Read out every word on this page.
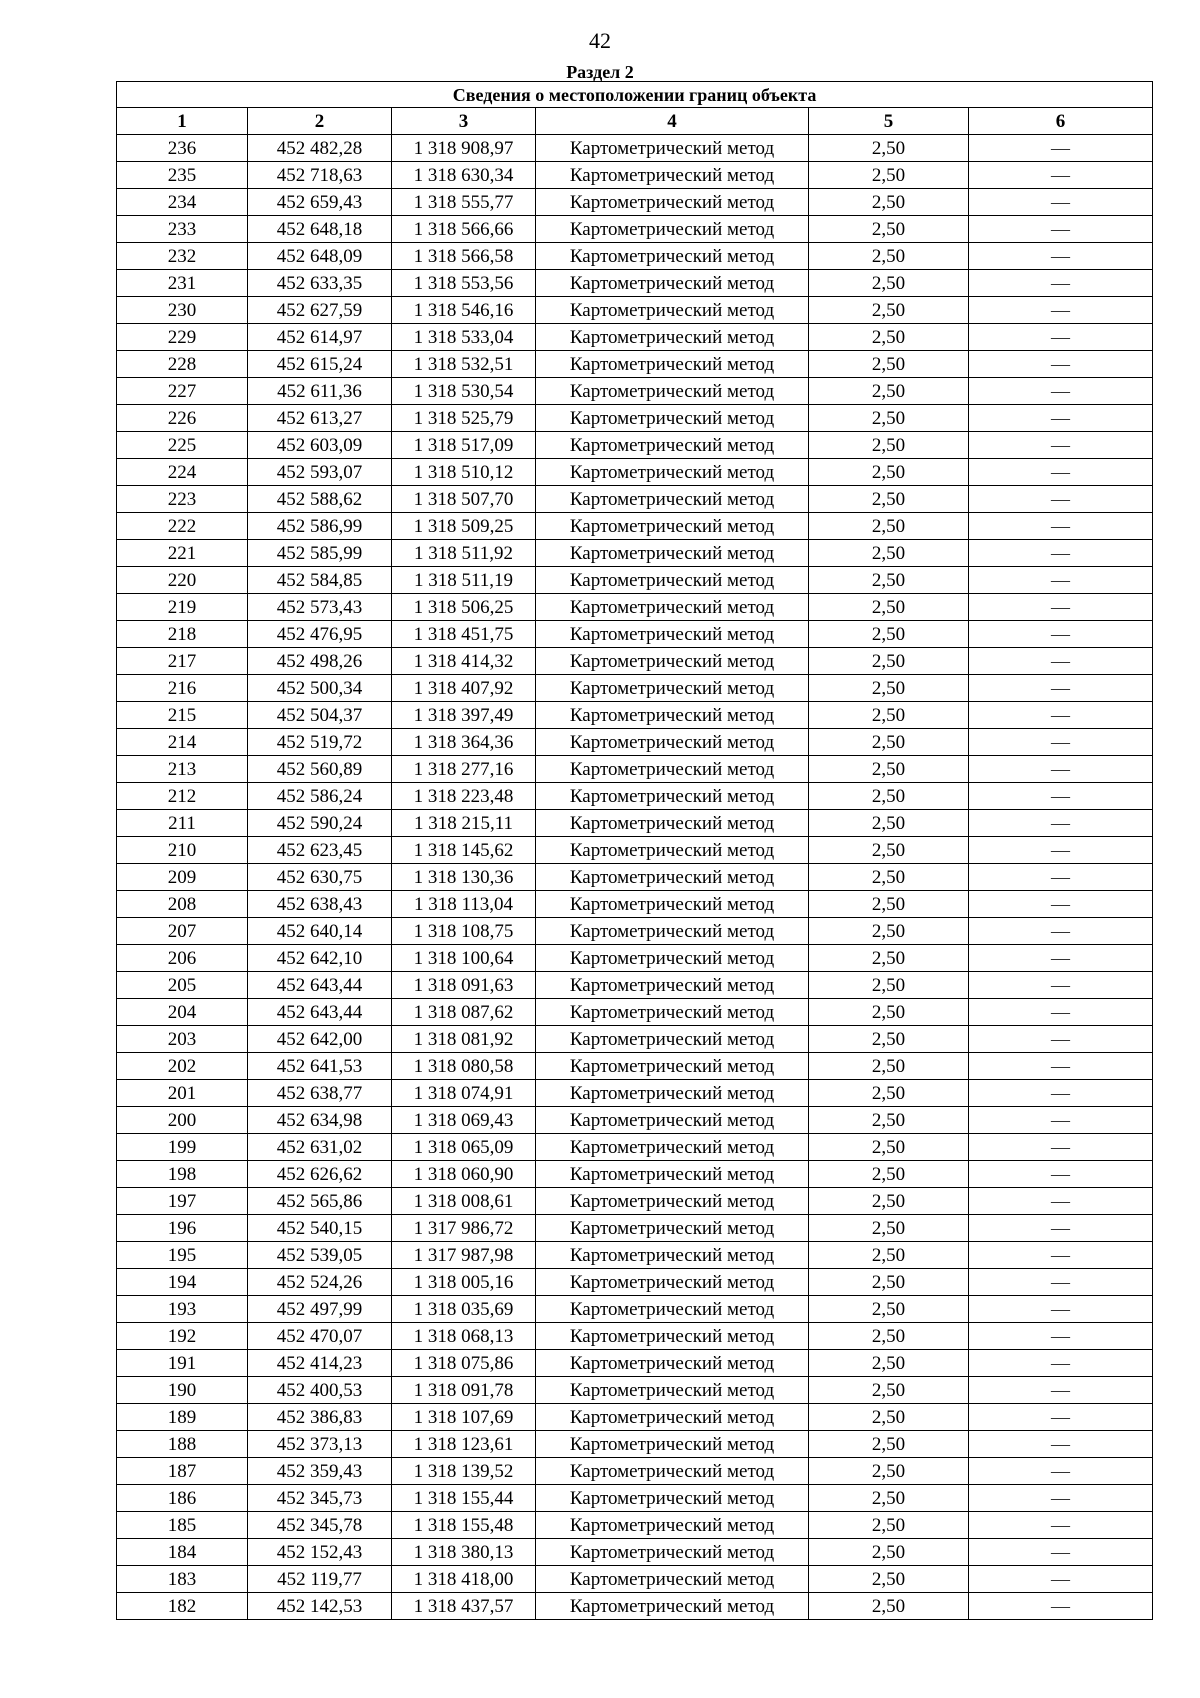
42
Раздел 2
Сведения о местоположении границ объекта					
1	2	3	4	5	6
236	452 482,28	1 318 908,97	Картометрический метод	2,50	—
235	452 718,63	1 318 630,34	Картометрический метод	2,50	—
234	452 659,43	1 318 555,77	Картометрический метод	2,50	—
233	452 648,18	1 318 566,66	Картометрический метод	2,50	—
232	452 648,09	1 318 566,58	Картометрический метод	2,50	—
231	452 633,35	1 318 553,56	Картометрический метод	2,50	—
230	452 627,59	1 318 546,16	Картометрический метод	2,50	—
229	452 614,97	1 318 533,04	Картометрический метод	2,50	—
228	452 615,24	1 318 532,51	Картометрический метод	2,50	—
227	452 611,36	1 318 530,54	Картометрический метод	2,50	—
226	452 613,27	1 318 525,79	Картометрический метод	2,50	—
225	452 603,09	1 318 517,09	Картометрический метод	2,50	—
224	452 593,07	1 318 510,12	Картометрический метод	2,50	—
223	452 588,62	1 318 507,70	Картометрический метод	2,50	—
222	452 586,99	1 318 509,25	Картометрический метод	2,50	—
221	452 585,99	1 318 511,92	Картометрический метод	2,50	—
220	452 584,85	1 318 511,19	Картометрический метод	2,50	—
219	452 573,43	1 318 506,25	Картометрический метод	2,50	—
218	452 476,95	1 318 451,75	Картометрический метод	2,50	—
217	452 498,26	1 318 414,32	Картометрический метод	2,50	—
216	452 500,34	1 318 407,92	Картометрический метод	2,50	—
215	452 504,37	1 318 397,49	Картометрический метод	2,50	—
214	452 519,72	1 318 364,36	Картометрический метод	2,50	—
213	452 560,89	1 318 277,16	Картометрический метод	2,50	—
212	452 586,24	1 318 223,48	Картометрический метод	2,50	—
211	452 590,24	1 318 215,11	Картометрический метод	2,50	—
210	452 623,45	1 318 145,62	Картометрический метод	2,50	—
209	452 630,75	1 318 130,36	Картометрический метод	2,50	—
208	452 638,43	1 318 113,04	Картометрический метод	2,50	—
207	452 640,14	1 318 108,75	Картометрический метод	2,50	—
206	452 642,10	1 318 100,64	Картометрический метод	2,50	—
205	452 643,44	1 318 091,63	Картометрический метод	2,50	—
204	452 643,44	1 318 087,62	Картометрический метод	2,50	—
203	452 642,00	1 318 081,92	Картометрический метод	2,50	—
202	452 641,53	1 318 080,58	Картометрический метод	2,50	—
201	452 638,77	1 318 074,91	Картометрический метод	2,50	—
200	452 634,98	1 318 069,43	Картометрический метод	2,50	—
199	452 631,02	1 318 065,09	Картометрический метод	2,50	—
198	452 626,62	1 318 060,90	Картометрический метод	2,50	—
197	452 565,86	1 318 008,61	Картометрический метод	2,50	—
196	452 540,15	1 317 986,72	Картометрический метод	2,50	—
195	452 539,05	1 317 987,98	Картометрический метод	2,50	—
194	452 524,26	1 318 005,16	Картометрический метод	2,50	—
193	452 497,99	1 318 035,69	Картометрический метод	2,50	—
192	452 470,07	1 318 068,13	Картометрический метод	2,50	—
191	452 414,23	1 318 075,86	Картометрический метод	2,50	—
190	452 400,53	1 318 091,78	Картометрический метод	2,50	—
189	452 386,83	1 318 107,69	Картометрический метод	2,50	—
188	452 373,13	1 318 123,61	Картометрический метод	2,50	—
187	452 359,43	1 318 139,52	Картометрический метод	2,50	—
186	452 345,73	1 318 155,44	Картометрический метод	2,50	—
185	452 345,78	1 318 155,48	Картометрический метод	2,50	—
184	452 152,43	1 318 380,13	Картометрический метод	2,50	—
183	452 119,77	1 318 418,00	Картометрический метод	2,50	—
182	452 142,53	1 318 437,57	Картометрический метод	2,50	—
